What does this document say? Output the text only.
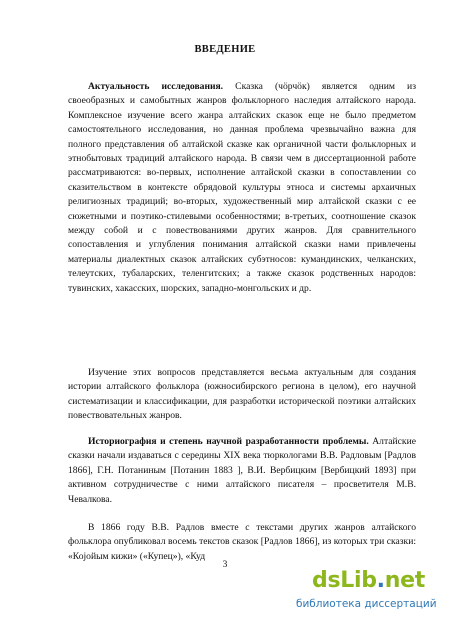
ВВЕДЕНИЕ

Актуальность исследования. Сказка (чӧрчӧк) является одним из своеобразных и самобытных жанров фольклорного наследия алтайского народа. Комплексное изучение всего жанра алтайских сказок еще не было предметом самостоятельного исследования, но данная проблема чрезвычайно важна для полного представления об алтайской сказке как органичной части фольклорных и этнобытовых традиций алтайского народа. В связи чем в диссертационной работе рассматриваются: во-первых, исполнение алтайской сказки в сопоставлении со сказительством в контексте обрядовой культуры этноса и системы архаичных религиозных традиций; во-вторых, художественный мир алтайской сказки с ее сюжетными и поэтико-стилевыми особенностями; в-третьих, соотношение сказок между собой и с повествованиями других жанров. Для сравнительного сопоставления и углубления понимания алтайской сказки нами привлечены материалы диалектных сказок алтайских субэтносов: кумандинских, челканских, телеутских, тубаларских, теленгитских; а также сказок родственных народов: тувинских, хакасских, шорских, западно-монгольских и др.

Изучение этих вопросов представляется весьма актуальным для создания истории алтайского фольклора (южносибирского региона в целом), его научной систематизации и классификации, для разработки исторической поэтики алтайских повествовательных жанров.

Историография и степень научной разработанности проблемы. Алтайские сказки начали издаваться с середины XIX века тюркологами В.В. Радловым [Радлов 1866], Г.Н. Потаниным [Потанин 1883 ], В.И. Вербицким [Вербицкий 1893] при активном сотрудничестве с ними алтайского писателя – просветителя М.В. Чевалкова.

В 1866 году В.В. Радлов вместе с текстами других жанров алтайского фольклора опубликовал восемь текстов сказок [Радлов 1866], из которых три сказки: «Коjойым кижи» («Купец»), «Куд

3
dsLib.net
библиотека диссертаций
